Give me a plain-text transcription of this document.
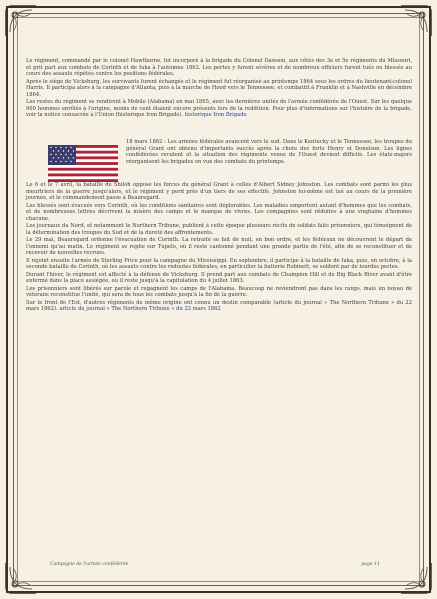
Le régiment, commandé par le colonel Hawthorne, fut incorporé à la brigade du Colonel Dawson, aux côtés des 3e et 5e régiments du Missouri, et prit part aux combats de Corinth et de Iuka à l'automne 1862. Les pertes y furent sévères et de nombreux officiers furent tués ou blessés au cours des assauts répétés contre les positions fédérales.

Après le siège de Vicksburg, les survivants furent échangés et le régiment fut réorganisé au printemps 1864 sous les ordres du lieutenant-colonel Harris. Il participa alors à la campagne d'Atlanta, puis à la marche de Hood vers le Tennessee, et combattit à Franklin et à Nashville en décembre 1864.

Les restes du régiment se rendirent à Mobile (Alabama) en mai 1865, avec les dernières unités de l'armée confédérée de l'Ouest. Sur les quelque 900 hommes enrôlés à l'origine, moins de cent étaient encore présents lors de la reddition. Pour plus d'informations sur l'histoire de la brigade, voir la notice consacrée à l'Union (historique Iron Brigade). historique Iron Brigade

18 mars 1862 : Les armées fédérales avancent vers le sud. Dans le Kentucky et le Tennessee, les troupes du général Grant ont obtenu d'importants succès après la chute des forts Henry et Donelson. Les lignes confédérées reculent et la situation des régiments venus de l'Ouest devient difficile. Les états-majors réorganisent les brigades en vue des combats du printemps.

Le 6 et le 7 avril, la bataille de Shiloh oppose les forces du général Grant à celles d'Albert Sidney Johnston. Les combats sont parmi les plus meurtriers de la guerre jusqu'alors, et le régiment y perd près d'un tiers de ses effectifs. Johnston lui-même est tué au cours de la première journée, et le commandement passe à Beauregard.

Les blessés sont évacués vers Corinth, où les conditions sanitaires sont déplorables. Les maladies emportent autant d'hommes que les combats, et de nombreuses lettres décrivent la misère des camps et le manque de vivres. Les compagnies sont réduites à une vingtaine d'hommes chacune.

Les journaux du Nord, et notamment le Northern Tribune, publient à cette époque plusieurs récits de soldats faits prisonniers, qui témoignent de la détermination des troupes du Sud et de la dureté des affrontements.

Le 29 mai, Beauregard ordonne l'évacuation de Corinth. La retraite se fait de nuit, en bon ordre, et les fédéraux ne découvrent le départ de l'ennemi qu'au matin. Le régiment se replie sur Tupelo, où il reste cantonné pendant une grande partie de l'été, afin de se reconstituer et de recevoir de nouvelles recrues.

Il rejoint ensuite l'armée de Sterling Price pour la campagne du Mississippi. En septembre, il participe à la bataille de Iuka, puis, en octobre, à la seconde bataille de Corinth, où les assauts contre les redoutes fédérales, en particulier la batterie Robinett, se soldent par de lourdes pertes.

Durant l'hiver, le régiment est affecté à la défense de Vicksburg. Il prend part aux combats de Champion Hill et de Big Black River avant d'être enfermé dans la place assiégée, où il reste jusqu'à la capitulation du 4 juillet 1863.

Les prisonniers sont libérés sur parole et regagnent les camps de l'Alabama. Beaucoup ne reviendront pas dans les rangs, mais un noyau de vétérans reconstitue l'unité, qui sera de tous les combats jusqu'à la fin de la guerre.

Sur le front de l'Est, d'autres régiments de même origine ont connu un destin comparable (article du journal « The Northern Tribune » du 22 mars 1862). article du journal « The Northern Tribune » du 22 mars 1862

Campagne de l'armée confédérée	page 11
